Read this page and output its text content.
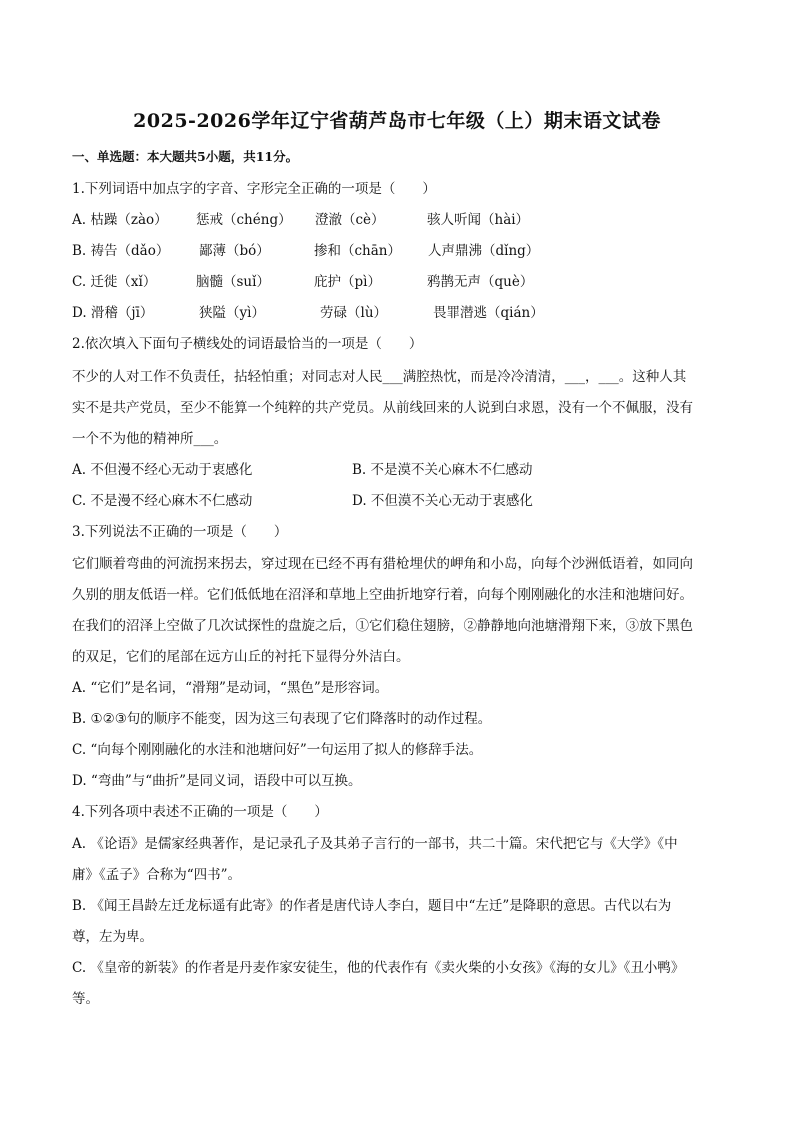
2025-2026学年辽宁省葫芦岛市七年级（上）期末语文试卷
一、单选题：本大题共5小题，共11分。
1.下列词语中加点字的字音、字形完全正确的一项是（　　）
A. 枯躁（zào） 惩戒（chéng） 澄澈（cè）	骇人听闻（hài）
B. 祷告（dǎo） 鄙薄（bó）	掺和（chān） 人声鼎沸（dǐng）
C. 迁徙（xǐ）	脑髓（suǐ）	庇护（pì）	鸦鹊无声（què）
D. 滑稽（jī）	狭隘（yì）	劳碌（lù）	畏罪潜逃（qián）
2.依次填入下面句子横线处的词语最恰当的一项是（　　）
不少的人对工作不负责任，拈轻怕重；对同志对人民___满腔热忱，而是冷冷清清，___，___。这种人其
实不是共产党员，至少不能算一个纯粹的共产党员。从前线回来的人说到白求恩，没有一个不佩服，没有
一个不为他的精神所___。
A. 不但漫不经心无动于衷感化	B. 不是漠不关心麻木不仁感动
C. 不是漫不经心麻木不仁感动	D. 不但漠不关心无动于衷感化
3.下列说法不正确的一项是（　　）
它们顺着弯曲的河流拐来拐去，穿过现在已经不再有猎枪埋伏的岬角和小岛，向每个沙洲低语着，如同向
久别的朋友低语一样。它们低低地在沼泽和草地上空曲折地穿行着，向每个刚刚融化的水洼和池塘问好。
在我们的沼泽上空做了几次试探性的盘旋之后，①它们稳住翅膀，②静静地向池塘滑翔下来，③放下黑色
的双足，它们的尾部在远方山丘的衬托下显得分外洁白。
A. “它们”是名词，“滑翔”是动词，“黑色”是形容词。
B. ①②③句的顺序不能变，因为这三句表现了它们降落时的动作过程。
C. “向每个刚刚融化的水洼和池塘问好”一句运用了拟人的修辞手法。
D. “弯曲”与“曲折”是同义词，语段中可以互换。
4.下列各项中表述不正确的一项是（　　）
A. 《论语》是儒家经典著作，是记录孔子及其弟子言行的一部书，共二十篇。宋代把它与《大学》《中
庸》《孟子》合称为“四书”。
B. 《闻王昌龄左迁龙标遥有此寄》的作者是唐代诗人李白，题目中“左迁”是降职的意思。古代以右为
尊，左为卑。
C. 《皇帝的新装》的作者是丹麦作家安徒生，他的代表作有《卖火柴的小女孩》《海的女儿》《丑小鸭》
等。
